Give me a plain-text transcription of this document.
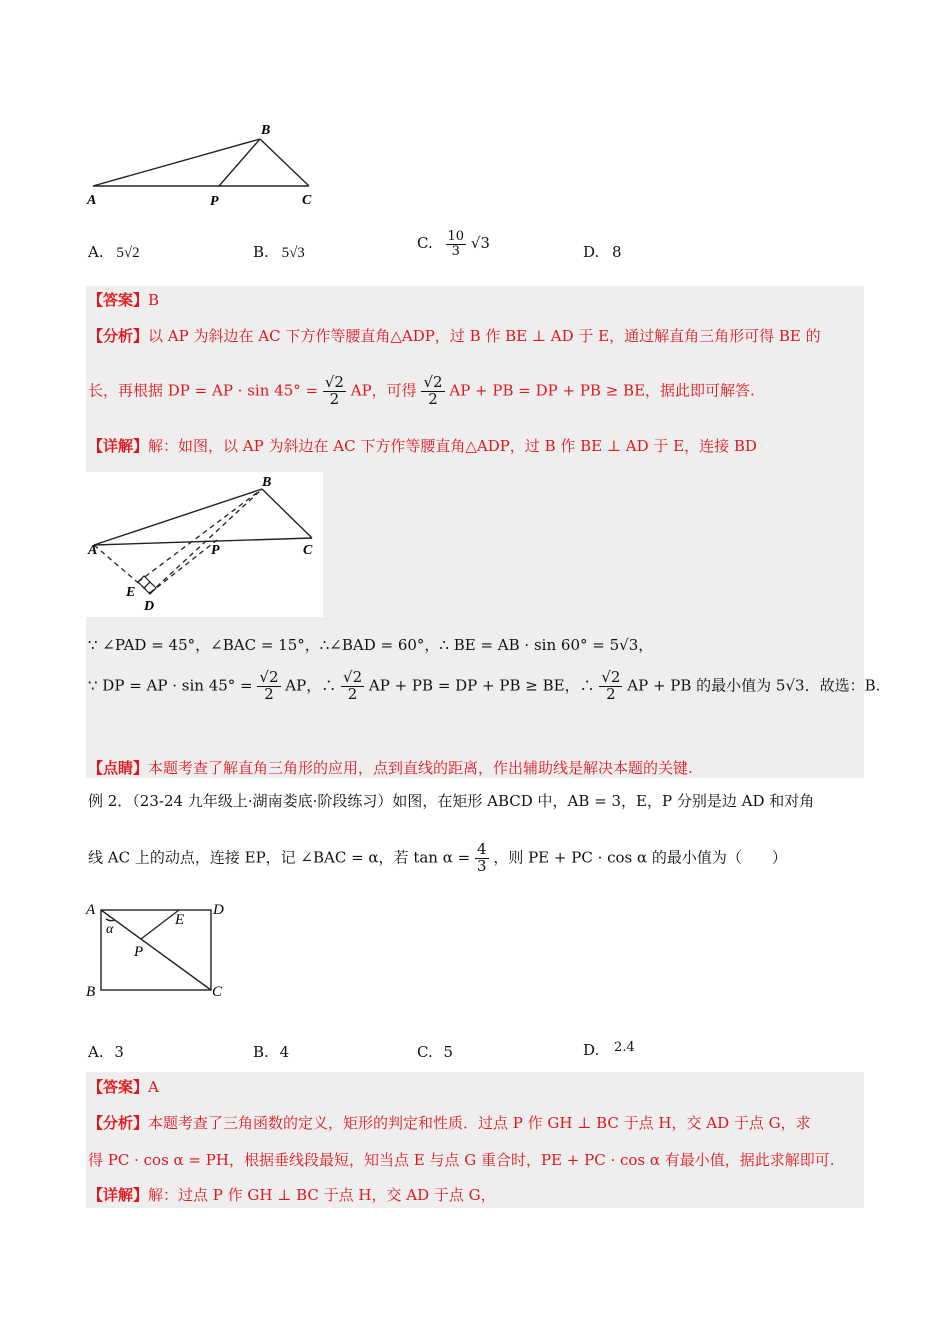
B
A	P	C
A. 5√2	B. 5√3
C. $\frac{10}{3} √3$	D. 8
【答案】B
【分析】以 AP 为斜边在 AC 下方作等腰直角△ADP，过 B 作 BE ⊥ AD 于 E，通过解直角三角形可得 BE 的
长，再根据 DP = AP · $\sin 45^\circ = \frac{√2}{2}$ AP，可得 $\frac{√2}{2}$ AP + PB = DP + PB ≥ BE，据此即可解答.
【详解】解：如图，以 AP 为斜边在 AC 下方作等腰直角△ADP，过 B 作 BE ⊥ AD 于 E，连接 BD
B
A	P	C
E
D
∵ ∠PAD = 45°，∠BAC = 15°，∴∠BAD = 60°，∴ BE = AB · sin 60° = 5√3，
∵ DP = AP · $\sin 45^\circ = \frac{√2}{2}$ AP，∴ $\frac{√2}{2}$ AP + PB = DP + PB ≥ BE，∴ $\frac{√2}{2}$ AP + PB 的最小值为 5√3．故选：B.
【点睛】本题考查了解直角三角形的应用，点到直线的距离，作出辅助线是解决本题的关键.
例 2．（23-24 九年级上·湖南娄底·阶段练习）如图，在矩形 ABCD 中，AB = 3，E，P 分别是边 AD 和对角
线 AC 上的动点，连接 EP，记 ∠BAC = α，若 $\tan \alpha = \frac{4}{3}$ ，则 PE + PC · cos α 的最小值为（　　）
A	D
B	C
E
P
α
A. 3	B. 4	C. 5	D. 2.4
【答案】A
【分析】本题考查了三角函数的定义，矩形的判定和性质．过点 P 作 GH ⊥ BC 于点 H，交 AD 于点 G，求
得 PC · cos α = PH，根据垂线段最短，知当点 E 与点 G 重合时，PE + PC · cos α 有最小值，据此求解即可.
【详解】解：过点 P 作 GH ⊥ BC 于点 H，交 AD 于点 G，
